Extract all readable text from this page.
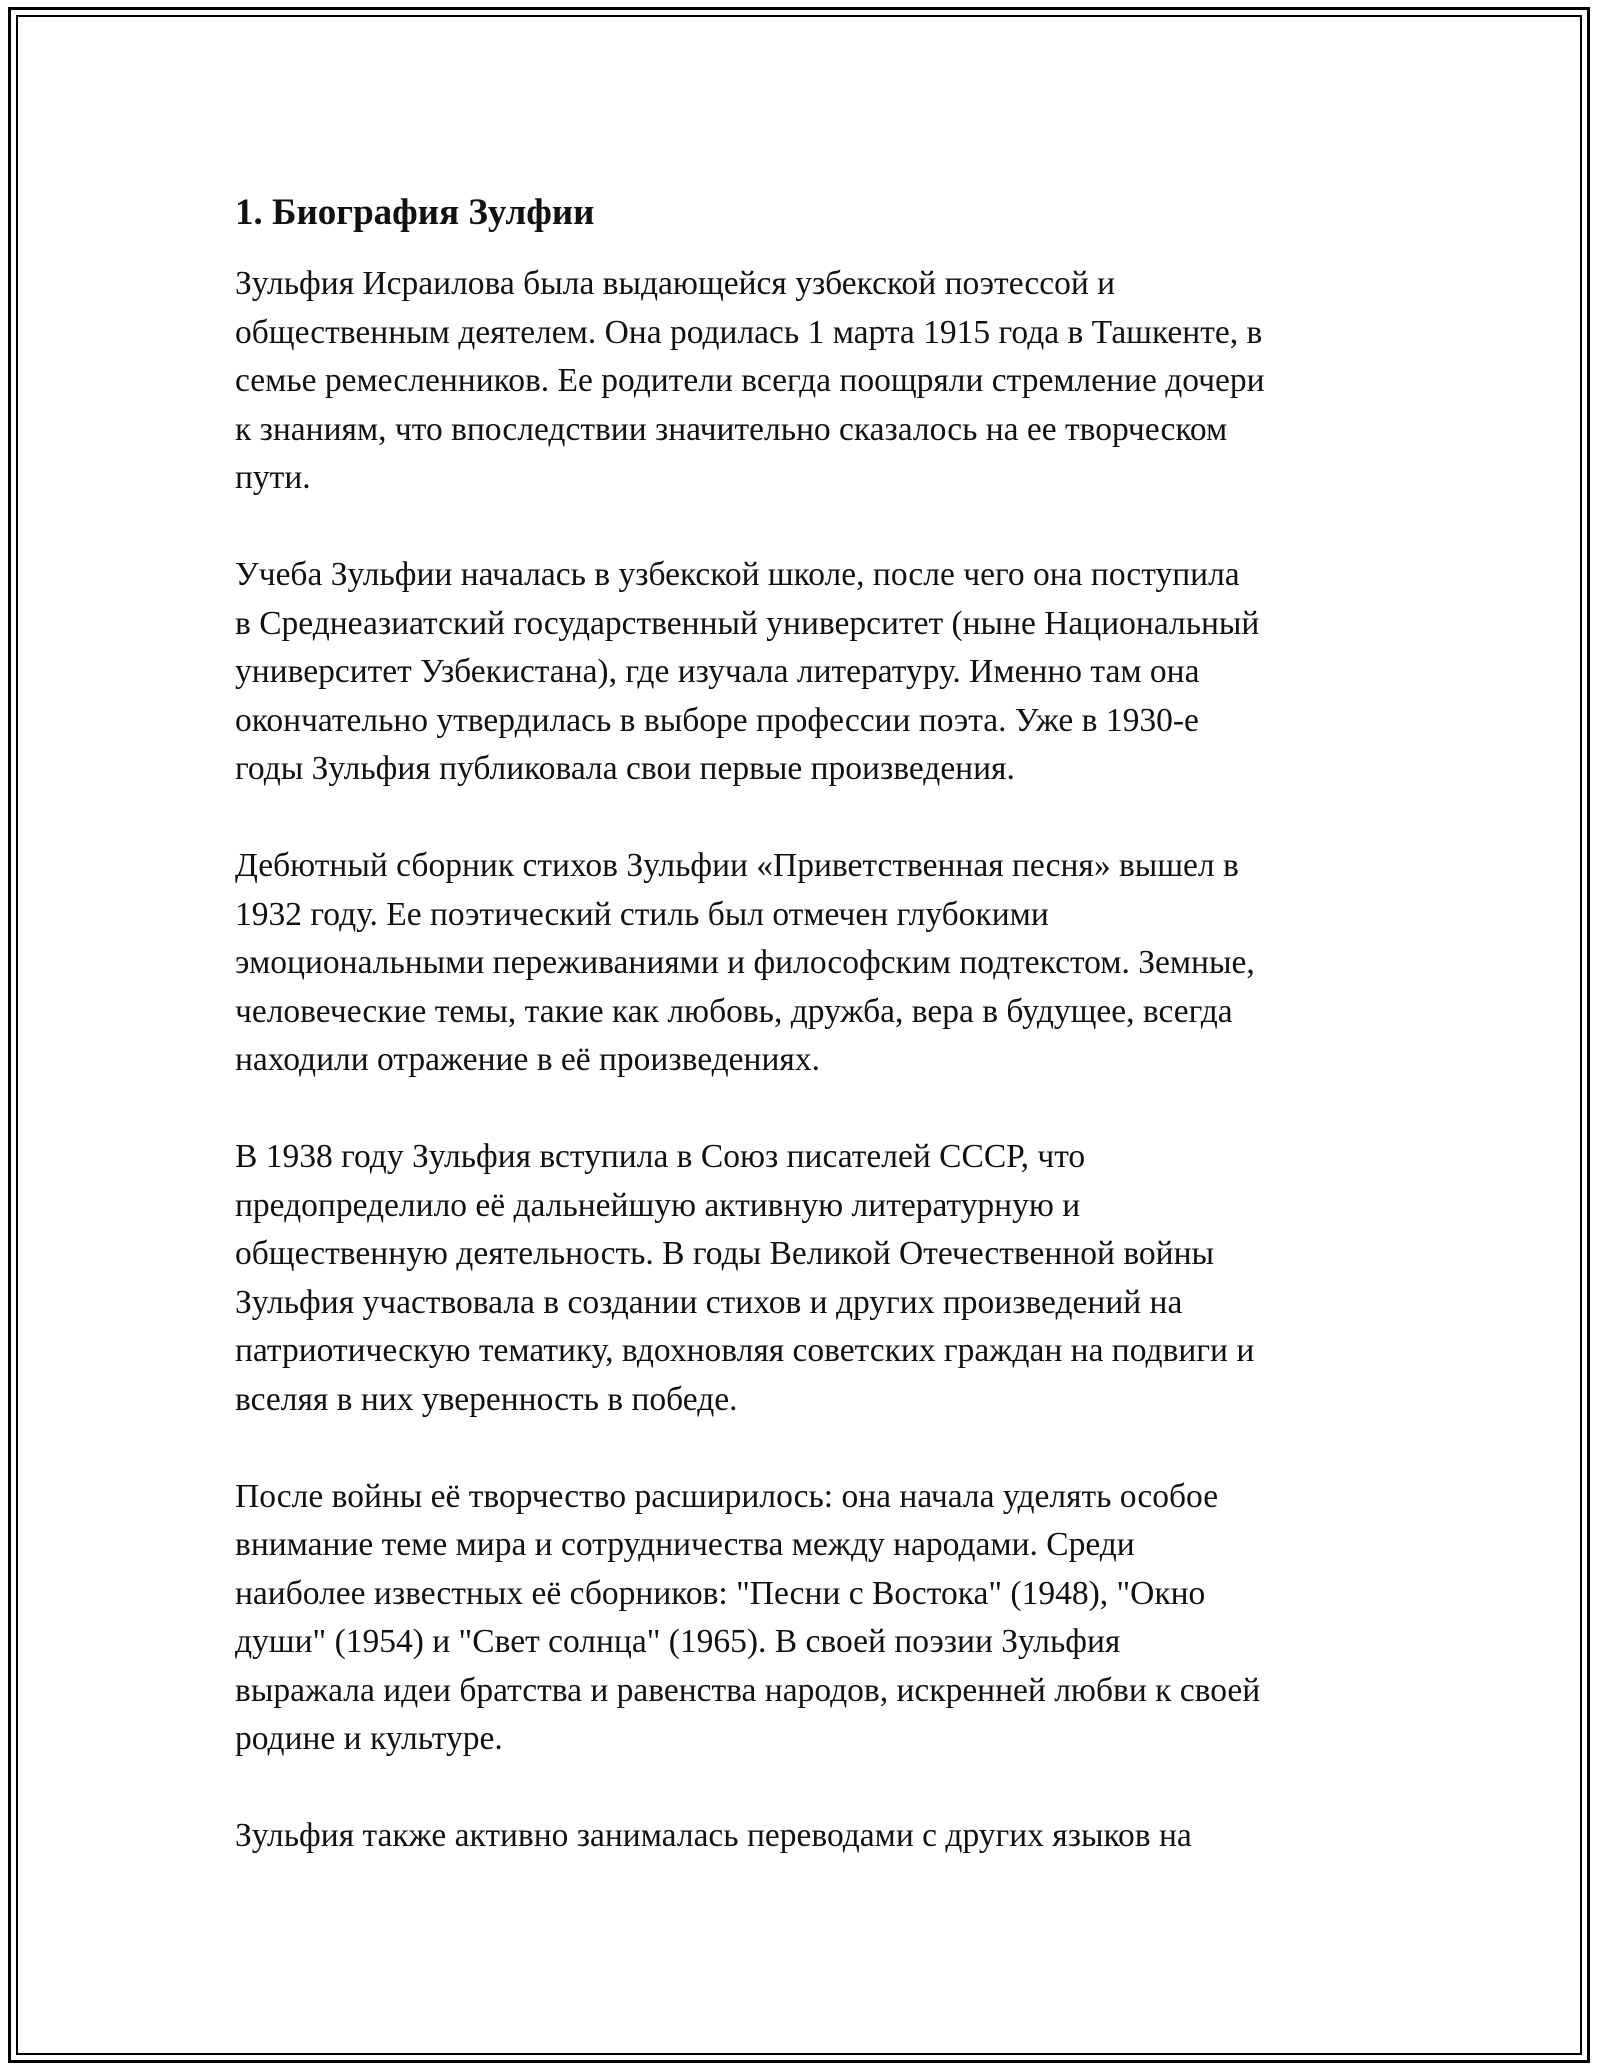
1. Биография Зулфии

Зульфия Исраилова была выдающейся узбекской поэтессой и
общественным деятелем. Она родилась 1 марта 1915 года в Ташкенте, в
семье ремесленников. Ее родители всегда поощряли стремление дочери
к знаниям, что впоследствии значительно сказалось на ее творческом
пути.

Учеба Зульфии началась в узбекской школе, после чего она поступила
в Среднеазиатский государственный университет (ныне Национальный
университет Узбекистана), где изучала литературу. Именно там она
окончательно утвердилась в выборе профессии поэта. Уже в 1930-е
годы Зульфия публиковала свои первые произведения.

Дебютный сборник стихов Зульфии «Приветственная песня» вышел в
1932 году. Ее поэтический стиль был отмечен глубокими
эмоциональными переживаниями и философским подтекстом. Земные,
человеческие темы, такие как любовь, дружба, вера в будущее, всегда
находили отражение в её произведениях.

В 1938 году Зульфия вступила в Союз писателей СССР, что
предопределило её дальнейшую активную литературную и
общественную деятельность. В годы Великой Отечественной войны
Зульфия участвовала в создании стихов и других произведений на
патриотическую тематику, вдохновляя советских граждан на подвиги и
вселяя в них уверенность в победе.

После войны её творчество расширилось: она начала уделять особое
внимание теме мира и сотрудничества между народами. Среди
наиболее известных её сборников: "Песни с Востока" (1948), "Окно
души" (1954) и "Свет солнца" (1965). В своей поэзии Зульфия
выражала идеи братства и равенства народов, искренней любви к своей
родине и культуре.

Зульфия также активно занималась переводами с других языков на
